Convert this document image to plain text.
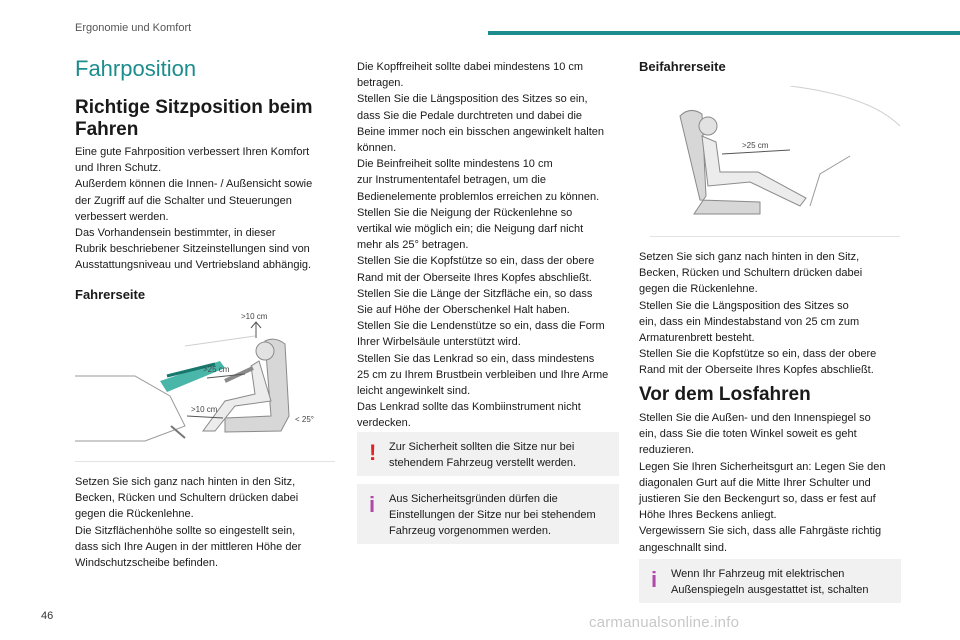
Ergonomie und Komfort
Fahrposition
Richtige Sitzposition beim Fahren

Eine gute Fahrposition verbessert Ihren Komfort
und Ihren Schutz.
Außerdem können die Innen- / Außensicht sowie
der Zugriff auf die Schalter und Steuerungen
verbessert werden.
Das Vorhandensein bestimmter, in dieser
Rubrik beschriebener Sitzeinstellungen sind von
Ausstattungsniveau und Vertriebsland abhängig.

Fahrerseite
>10 cm
>25 cm
>10 cm
< 25°

Setzen Sie sich ganz nach hinten in den Sitz,
Becken, Rücken und Schultern drücken dabei
gegen die Rückenlehne.
Die Sitzflächenhöhe sollte so eingestellt sein,
dass sich Ihre Augen in der mittleren Höhe der
Windschutzscheibe befinden.

Die Kopffreiheit sollte dabei mindestens 10 cm
betragen.
Stellen Sie die Längsposition des Sitzes so ein,
dass Sie die Pedale durchtreten und dabei die
Beine immer noch ein bisschen angewinkelt halten
können.
Die Beinfreiheit sollte mindestens 10 cm
zur Instrumententafel betragen, um die
Bedienelemente problemlos erreichen zu können.
Stellen Sie die Neigung der Rückenlehne so
vertikal wie möglich ein; die Neigung darf nicht
mehr als 25° betragen.
Stellen Sie die Kopfstütze so ein, dass der obere
Rand mit der Oberseite Ihres Kopfes abschließt.
Stellen Sie die Länge der Sitzfläche ein, so dass
Sie auf Höhe der Oberschenkel Halt haben.
Stellen Sie die Lendenstütze so ein, dass die Form
Ihrer Wirbelsäule unterstützt wird.
Stellen Sie das Lenkrad so ein, dass mindestens
25 cm zu Ihrem Brustbein verbleiben und Ihre Arme
leicht angewinkelt sind.
Das Lenkrad sollte das Kombiinstrument nicht
verdecken.

!	Zur Sicherheit sollten die Sitze nur bei
stehendem Fahrzeug verstellt werden.
i	Aus Sicherheitsgründen dürfen die
Einstellungen der Sitze nur bei stehendem
Fahrzeug vorgenommen werden.
Beifahrerseite
>25 cm

Setzen Sie sich ganz nach hinten in den Sitz,
Becken, Rücken und Schultern drücken dabei
gegen die Rückenlehne.
Stellen Sie die Längsposition des Sitzes so
ein, dass ein Mindestabstand von 25 cm zum
Armaturenbrett besteht.
Stellen Sie die Kopfstütze so ein, dass der obere
Rand mit der Oberseite Ihres Kopfes abschließt.

Vor dem Losfahren

Stellen Sie die Außen- und den Innenspiegel so
ein, dass Sie die toten Winkel soweit es geht
reduzieren.
Legen Sie Ihren Sicherheitsgurt an: Legen Sie den
diagonalen Gurt auf die Mitte Ihrer Schulter und
justieren Sie den Beckengurt so, dass er fest auf
Höhe Ihres Beckens anliegt.
Vergewissern Sie sich, dass alle Fahrgäste richtig
angeschnallt sind.

i	Wenn Ihr Fahrzeug mit elektrischen
Außenspiegeln ausgestattet ist, schalten
46	carmanualsonline.info
